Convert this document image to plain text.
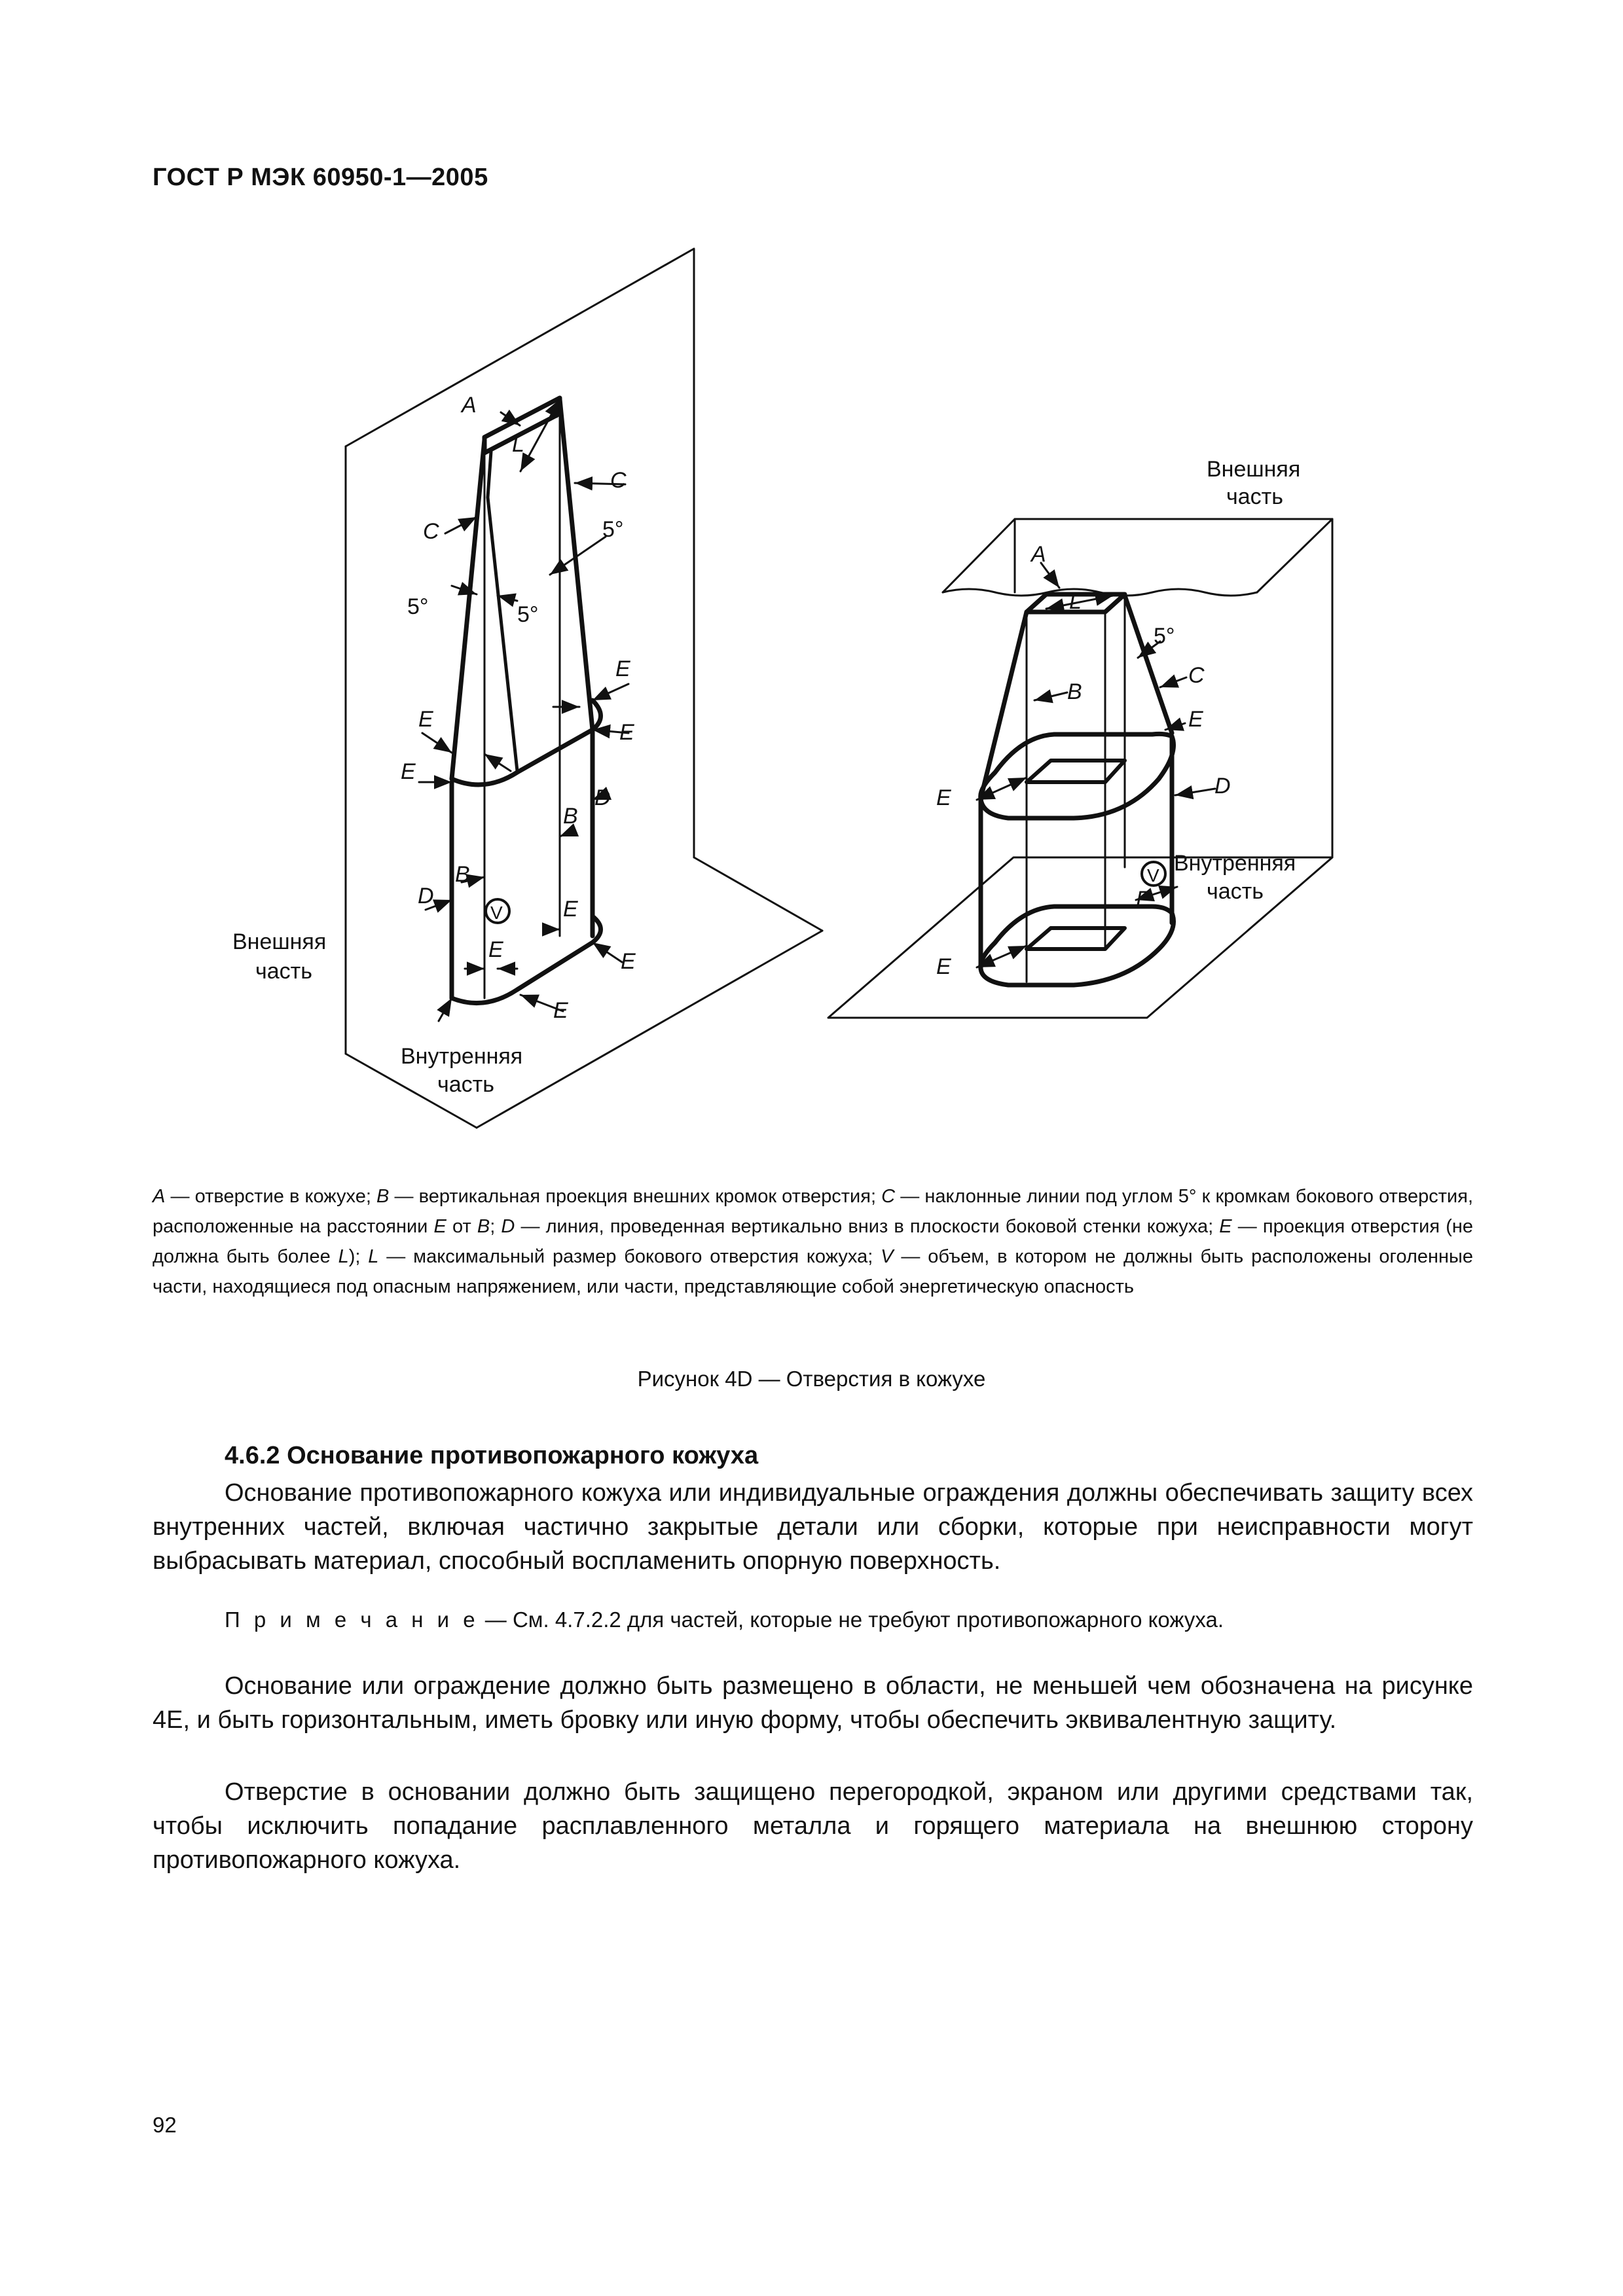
ГОСТ Р МЭК 60950-1—2005
A
L
C
C
E
E
E
E
D
B
D
B
E
E	E
E
V
5°
5°	5°
Внешняя
часть
Внутренняя
часть
A
L
B
C
E
D
E
E
E
V
5°
Внешняя
часть
Внутренняя
часть
A — отверстие в кожухе; B — вертикальная проекция внешних кромок отверстия; C — наклонные линии под углом 5° к кромкам бокового отверстия, расположенные на расстоянии E от B; D — линия, проведенная вертикально вниз в плоскости боковой стенки кожуха; E — проекция отверстия (не должна быть более L); L — максимальный размер бокового отверстия кожуха; V — объем, в котором не должны быть расположены оголенные части, находящиеся под опасным напряжением, или части, представляющие собой энергетическую опасность
Рисунок 4D — Отверстия в кожухе
4.6.2 Основание противопожарного кожуха
Основание противопожарного кожуха или индивидуальные ограждения должны обеспечивать защиту всех внутренних частей, включая частично закрытые детали или сборки, которые при неисправности могут выбрасывать материал, способный воспламенить опорную поверхность.
П р и м е ч а н и е — См. 4.7.2.2 для частей, которые не требуют противопожарного кожуха.
Основание или ограждение должно быть размещено в области, не меньшей чем обозначена на рисунке 4Е, и быть горизонтальным, иметь бровку или иную форму, чтобы обеспечить эквивалентную защиту.
Отверстие в основании должно быть защищено перегородкой, экраном или другими средствами так, чтобы исключить попадание расплавленного металла и горящего материала на внешнюю сторону противопожарного кожуха.
92
